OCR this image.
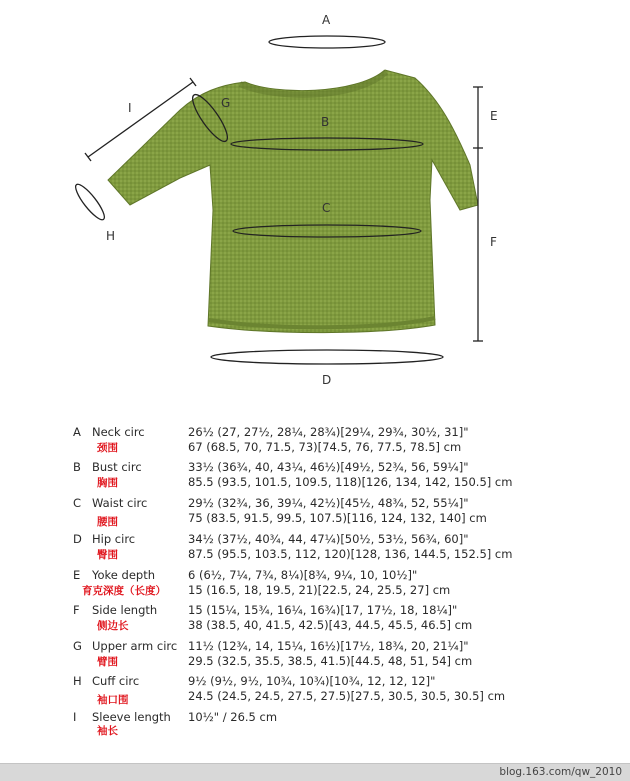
A
B
C
D
E
F
G
H
I
A Neck circ
颈围
26½ (27, 27½, 28¼, 28¾)[29¼, 29¾, 30½, 31]"
67 (68.5, 70, 71.5, 73)[74.5, 76, 77.5, 78.5] cm
B Bust circ
胸围
33½ (36¾, 40, 43¼, 46½)[49½, 52¾, 56, 59¼]"
85.5 (93.5, 101.5, 109.5, 118)[126, 134, 142, 150.5] cm
C Waist circ
腰围
29½ (32¾, 36, 39¼, 42½)[45½, 48¾, 52, 55¼]"
75 (83.5, 91.5, 99.5, 107.5)[116, 124, 132, 140] cm
D Hip circ
臀围
34½ (37½, 40¾, 44, 47¼)[50½, 53½, 56¾, 60]"
87.5 (95.5, 103.5, 112, 120)[128, 136, 144.5, 152.5] cm
E Yoke depth
育克深度（长度）
6 (6½, 7¼, 7¾, 8¼)[8¾, 9¼, 10, 10½]"
15 (16.5, 18, 19.5, 21)[22.5, 24, 25.5, 27] cm
F Side length
侧边长
15 (15¼, 15¾, 16¼, 16¾)[17, 17½, 18, 18¼]"
38 (38.5, 40, 41.5, 42.5)[43, 44.5, 45.5, 46.5] cm
G Upper arm circ
臂围
11½ (12¾, 14, 15¼, 16½)[17½, 18¾, 20, 21¼]"
29.5 (32.5, 35.5, 38.5, 41.5)[44.5, 48, 51, 54] cm
H Cuff circ
袖口围
9½ (9½, 9½, 10¾, 10¾)[10¾, 12, 12, 12]"
24.5 (24.5, 24.5, 27.5, 27.5)[27.5, 30.5, 30.5, 30.5] cm
I Sleeve length
袖长
10½" / 26.5 cm
blog.163.com/qw_2010
